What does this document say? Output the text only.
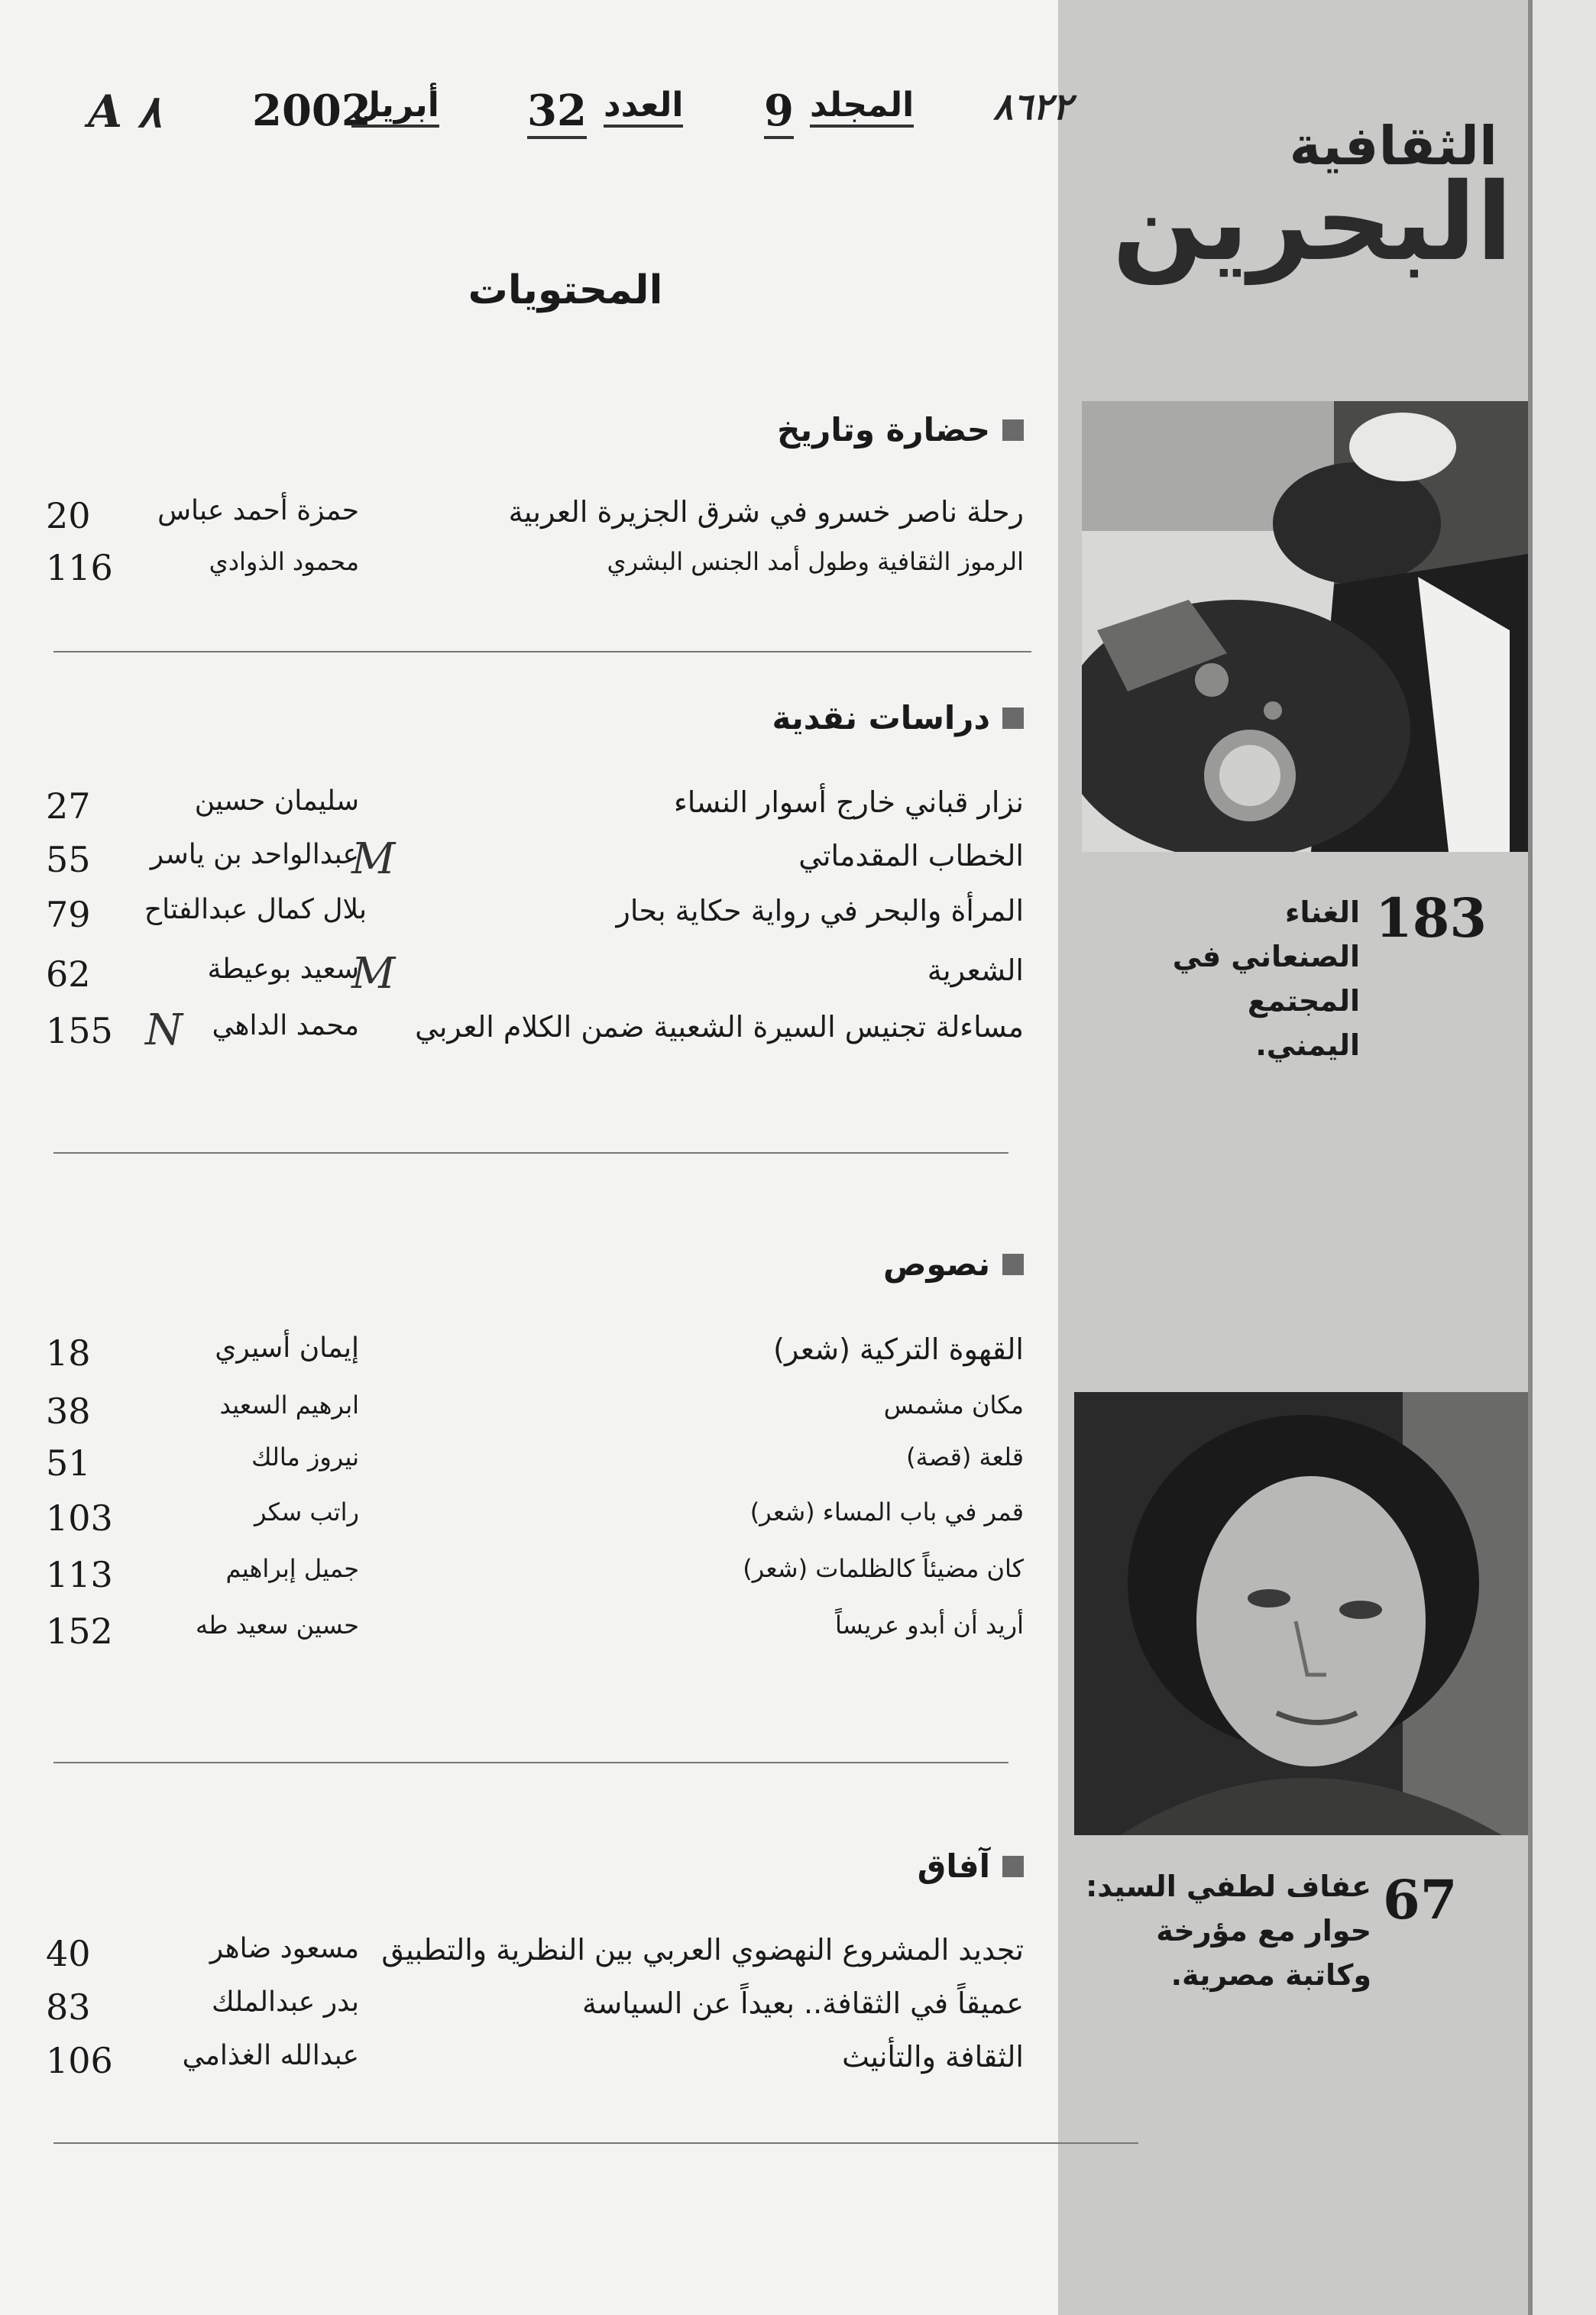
A ٨ 2002
أبريل 32 العدد 9 المجلد ٨٦٢٢
الثقافية
البحرين
المحتويات
حضارة وتاريخ
رحلة ناصر خسرو في شرق الجزيرة العربية
حمزة أحمد عباس
20
الرموز الثقافية وطول أمد الجنس البشري
محمود الذوادي
116
دراسات نقدية
نزار قباني خارج أسوار النساء
سليمان حسين
27
الخطاب المقدماتي
عبدالواحد بن ياسر
55	M
المرأة والبحر في رواية حكاية بحار
بلال كمال عبدالفتاح
79
الشعرية
سعيد بوعيطة
62	M
مساءلة تجنيس السيرة الشعبية ضمن الكلام العربي
محمد الداهي
155 N
نصوص
القهوة التركية (شعر)
إيمان أسيري
18
مكان مشمس
ابرهيم السعيد
38
قلعة (قصة)
نيروز مالك
51
قمر في باب المساء (شعر)
راتب سكر
103
كان مضيئاً كالظلمات (شعر)
جميل إبراهيم
113
أريد أن أبدو عريساً
حسين سعيد طه
152
آفاق
تجديد المشروع النهضوي العربي بين النظرية والتطبيق
مسعود ضاهر
40
عميقاً في الثقافة.. بعيداً عن السياسة
بدر عبدالملك
83
الثقافة والتأنيث
عبدالله الغذامي
106
183
الغناء الصنعاني في المجتمع اليمني.
67
عفاف لطفي السيد: حوار مع مؤرخة وكاتبة مصرية.
